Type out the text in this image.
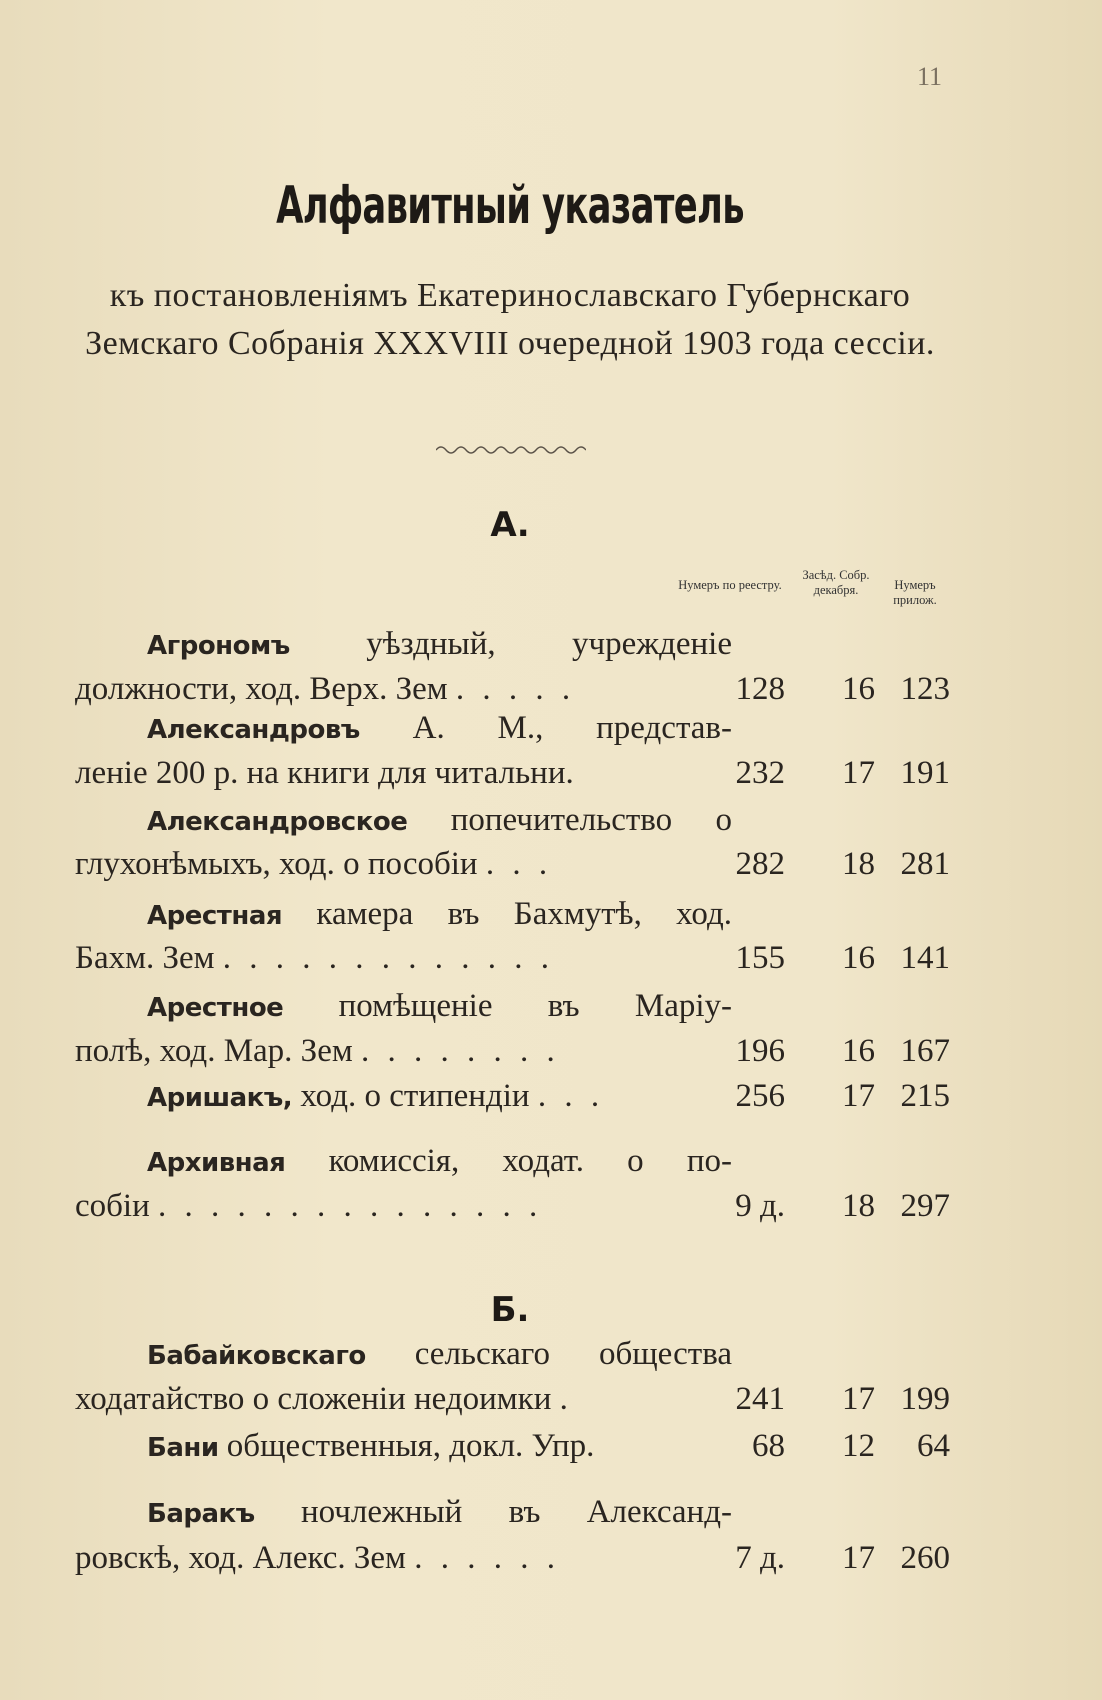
11
Алфавитный указатель
къ постановленіямъ Екатеринославскаго Губернскаго Земскаго Собранія XXXVIII очередной 1903 года сессіи.
А.
Нумеръ по реестру.
Засѣд. Собр. декабря.	Нумеръ прилож.
Агрономъ уѣздный, учрежденіе
должности, ход. Верх. Зем . . . . .	128	16 123
Александровъ А. М., представ-
леніе 200 р. на книги для читальни.	232	17 191
Александровское попечительство о
глухонѣмыхъ, ход. о пособіи . . .	282	18 281
Арестная камера въ Бахмутѣ, ход.
Бахм. Зем . . . . . . . . . . . . .	155	16 141
Арестное помѣщеніе въ Маріу-
полѣ, ход. Мар. Зем . . . . . . . .	196	16 167
Аришакъ, ход. о стипендіи . . .	256	17 215
Архивная комиссія, ходат. о по-
собіи . . . . . . . . . . . . . . .	9 д.	18 297
Бабайковскаго сельскаго общества
ходатайство о сложеніи недоимки .	241	17 199
Бани общественныя, докл. Упр.	68	12	64
Баракъ ночлежный въ Александ-
ровскѣ, ход. Алекс. Зем . . . . . .	7 д.	17 260
Б.
